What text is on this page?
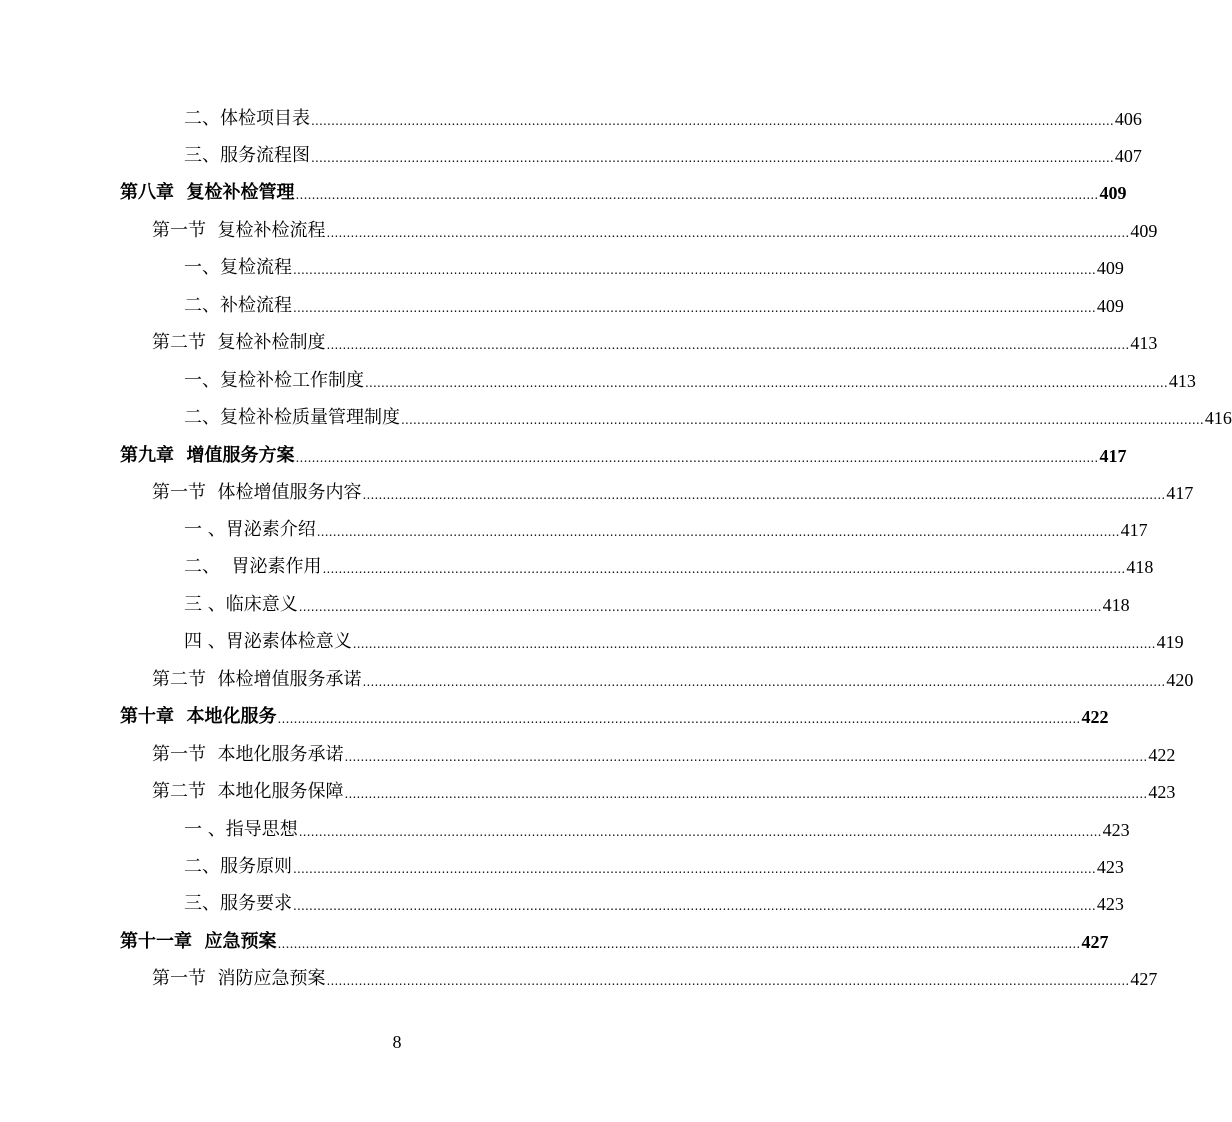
二、体检项目表 ........................................................................................................................................................................................................ 406
三、服务流程图 ........................................................................................................................................................................................................ 407
第八章  复检补检管理 ........................................................................................................................................................................................................ 409
第一节  复检补检流程 ........................................................................................................................................................................................................ 409
一、复检流程 ........................................................................................................................................................................................................ 409
二、补检流程 ........................................................................................................................................................................................................ 409
第二节  复检补检制度 ........................................................................................................................................................................................................ 413
一、复检补检工作制度 ........................................................................................................................................................................................................ 413
二、复检补检质量管理制度 ........................................................................................................................................................................................................ 416
第九章  增值服务方案 ........................................................................................................................................................................................................ 417
第一节  体检增值服务内容 ........................................................................................................................................................................................................ 417
一 、胃泌素介绍 ........................................................................................................................................................................................................ 417
二、  胃泌素作用 ........................................................................................................................................................................................................ 418
三 、临床意义 ........................................................................................................................................................................................................ 418
四 、胃泌素体检意义 ........................................................................................................................................................................................................ 419
第二节  体检增值服务承诺 ........................................................................................................................................................................................................ 420
第十章  本地化服务 ........................................................................................................................................................................................................ 422
第一节  本地化服务承诺 ........................................................................................................................................................................................................ 422
第二节  本地化服务保障 ........................................................................................................................................................................................................ 423
一 、指导思想 ........................................................................................................................................................................................................ 423
二、服务原则 ........................................................................................................................................................................................................ 423
三、服务要求 ........................................................................................................................................................................................................ 423
第十一章  应急预案 ........................................................................................................................................................................................................ 427
第一节  消防应急预案 ........................................................................................................................................................................................................ 427
8
